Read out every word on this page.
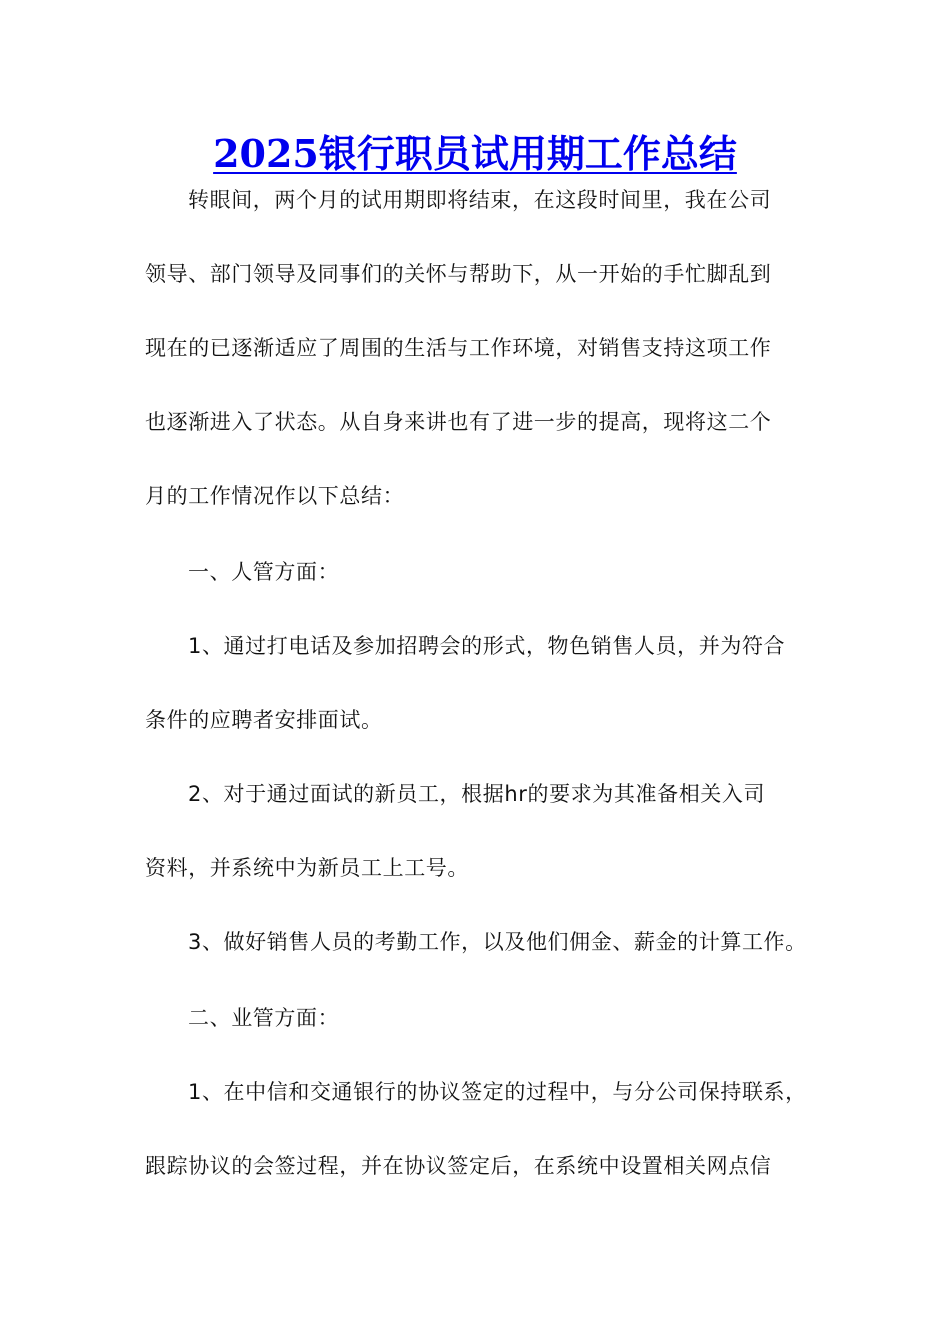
2025银行职员试用期工作总结
转眼间，两个月的试用期即将结束，在这段时间里，我在公司
领导、部门领导及同事们的关怀与帮助下，从一开始的手忙脚乱到
现在的已逐渐适应了周围的生活与工作环境，对销售支持这项工作
也逐渐进入了状态。从自身来讲也有了进一步的提高，现将这二个
月的工作情况作以下总结：
一、人管方面：
1、通过打电话及参加招聘会的形式，物色销售人员，并为符合
条件的应聘者安排面试。
2、对于通过面试的新员工，根据hr的要求为其准备相关入司
资料，并系统中为新员工上工号。
3、做好销售人员的考勤工作，以及他们佣金、薪金的计算工作。
二、业管方面：
1、在中信和交通银行的协议签定的过程中，与分公司保持联系，
跟踪协议的会签过程，并在协议签定后，在系统中设置相关网点信
